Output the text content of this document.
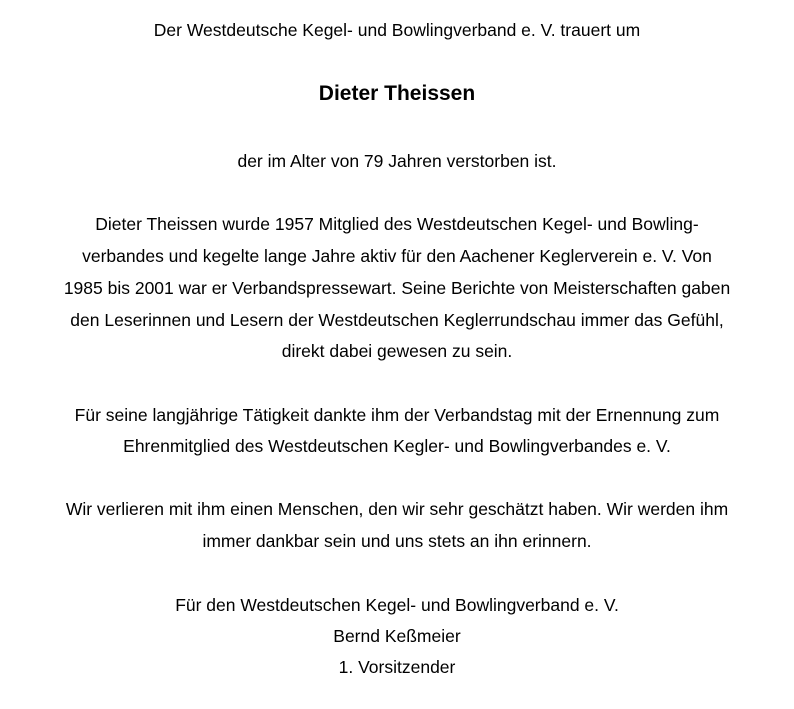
Der Westdeutsche Kegel- und Bowlingverband e. V. trauert um
Dieter Theissen
der im Alter von 79 Jahren verstorben ist.
Dieter Theissen wurde 1957 Mitglied des Westdeutschen Kegel- und Bowling-
verbandes und kegelte lange Jahre aktiv für den Aachener Keglerverein e. V. Von
1985 bis 2001 war er Verbandspressewart. Seine Berichte von Meisterschaften gaben
den Leserinnen und Lesern der Westdeutschen Keglerrundschau immer das Gefühl,
direkt dabei gewesen zu sein.
Für seine langjährige Tätigkeit dankte ihm der Verbandstag mit der Ernennung zum
Ehrenmitglied des Westdeutschen Kegler- und Bowlingverbandes e. V.
Wir verlieren mit ihm einen Menschen, den wir sehr geschätzt haben. Wir werden ihm
immer dankbar sein und uns stets an ihn erinnern.
Für den Westdeutschen Kegel- und Bowlingverband e. V.
Bernd Keßmeier
1. Vorsitzender
